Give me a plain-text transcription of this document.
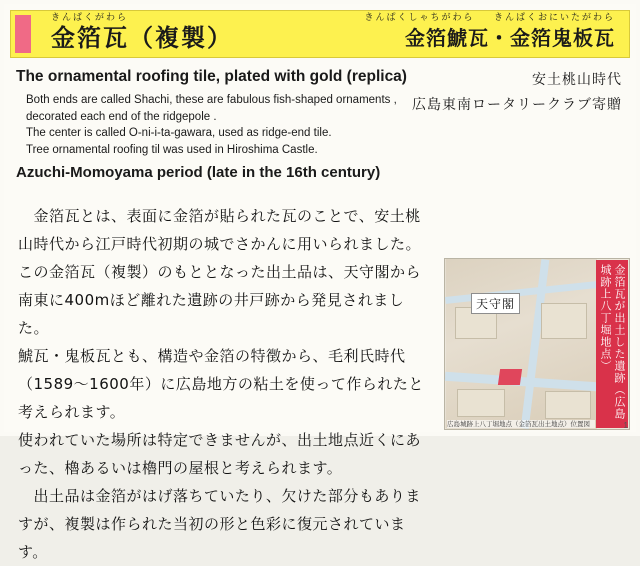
きんぱくがわら
金箔瓦（複製）
きんぱくしゃちがわら きんぱくおにいたがわら
金箔鯱瓦・金箔鬼板瓦
The ornamental roofing tile, plated with gold (replica)
Both ends are called Shachi, these are fabulous fish-shaped ornaments ,
decorated each end of the ridgepole .
The center is called O-ni-i-ta-gawara, used as ridge-end tile.
Tree ornamental roofing til was used in Hiroshima Castle.
Azuchi-Momoyama period (late in the 16th century)
安土桃山時代
広島東南ロータリークラブ寄贈

　金箔瓦とは、表面に金箔が貼られた瓦のことで、安土桃山時代から江戸時代初期の城でさかんに用いられました。この金箔瓦（複製）のもととなった出土品は、天守閣から南東に400mほど離れた遺跡の井戸跡から発見されました。

鯱瓦・鬼板瓦とも、構造や金箔の特徴から、毛利氏時代（1589～1600年）に広島地方の粘土を使って作られたと考えられます。

使われていた場所は特定できませんが、出土地点近くにあった、櫓あるいは櫓門の屋根と考えられます。

　出土品は金箔がはげ落ちていたり、欠けた部分もありますが、複製は作られた当初の形と色彩に復元されています。

天守閣
広島城跡上八丁堀地点（金箔瓦出土地点）位置図
金箔瓦が出土した遺跡（広島城跡上八丁堀地点）
1
